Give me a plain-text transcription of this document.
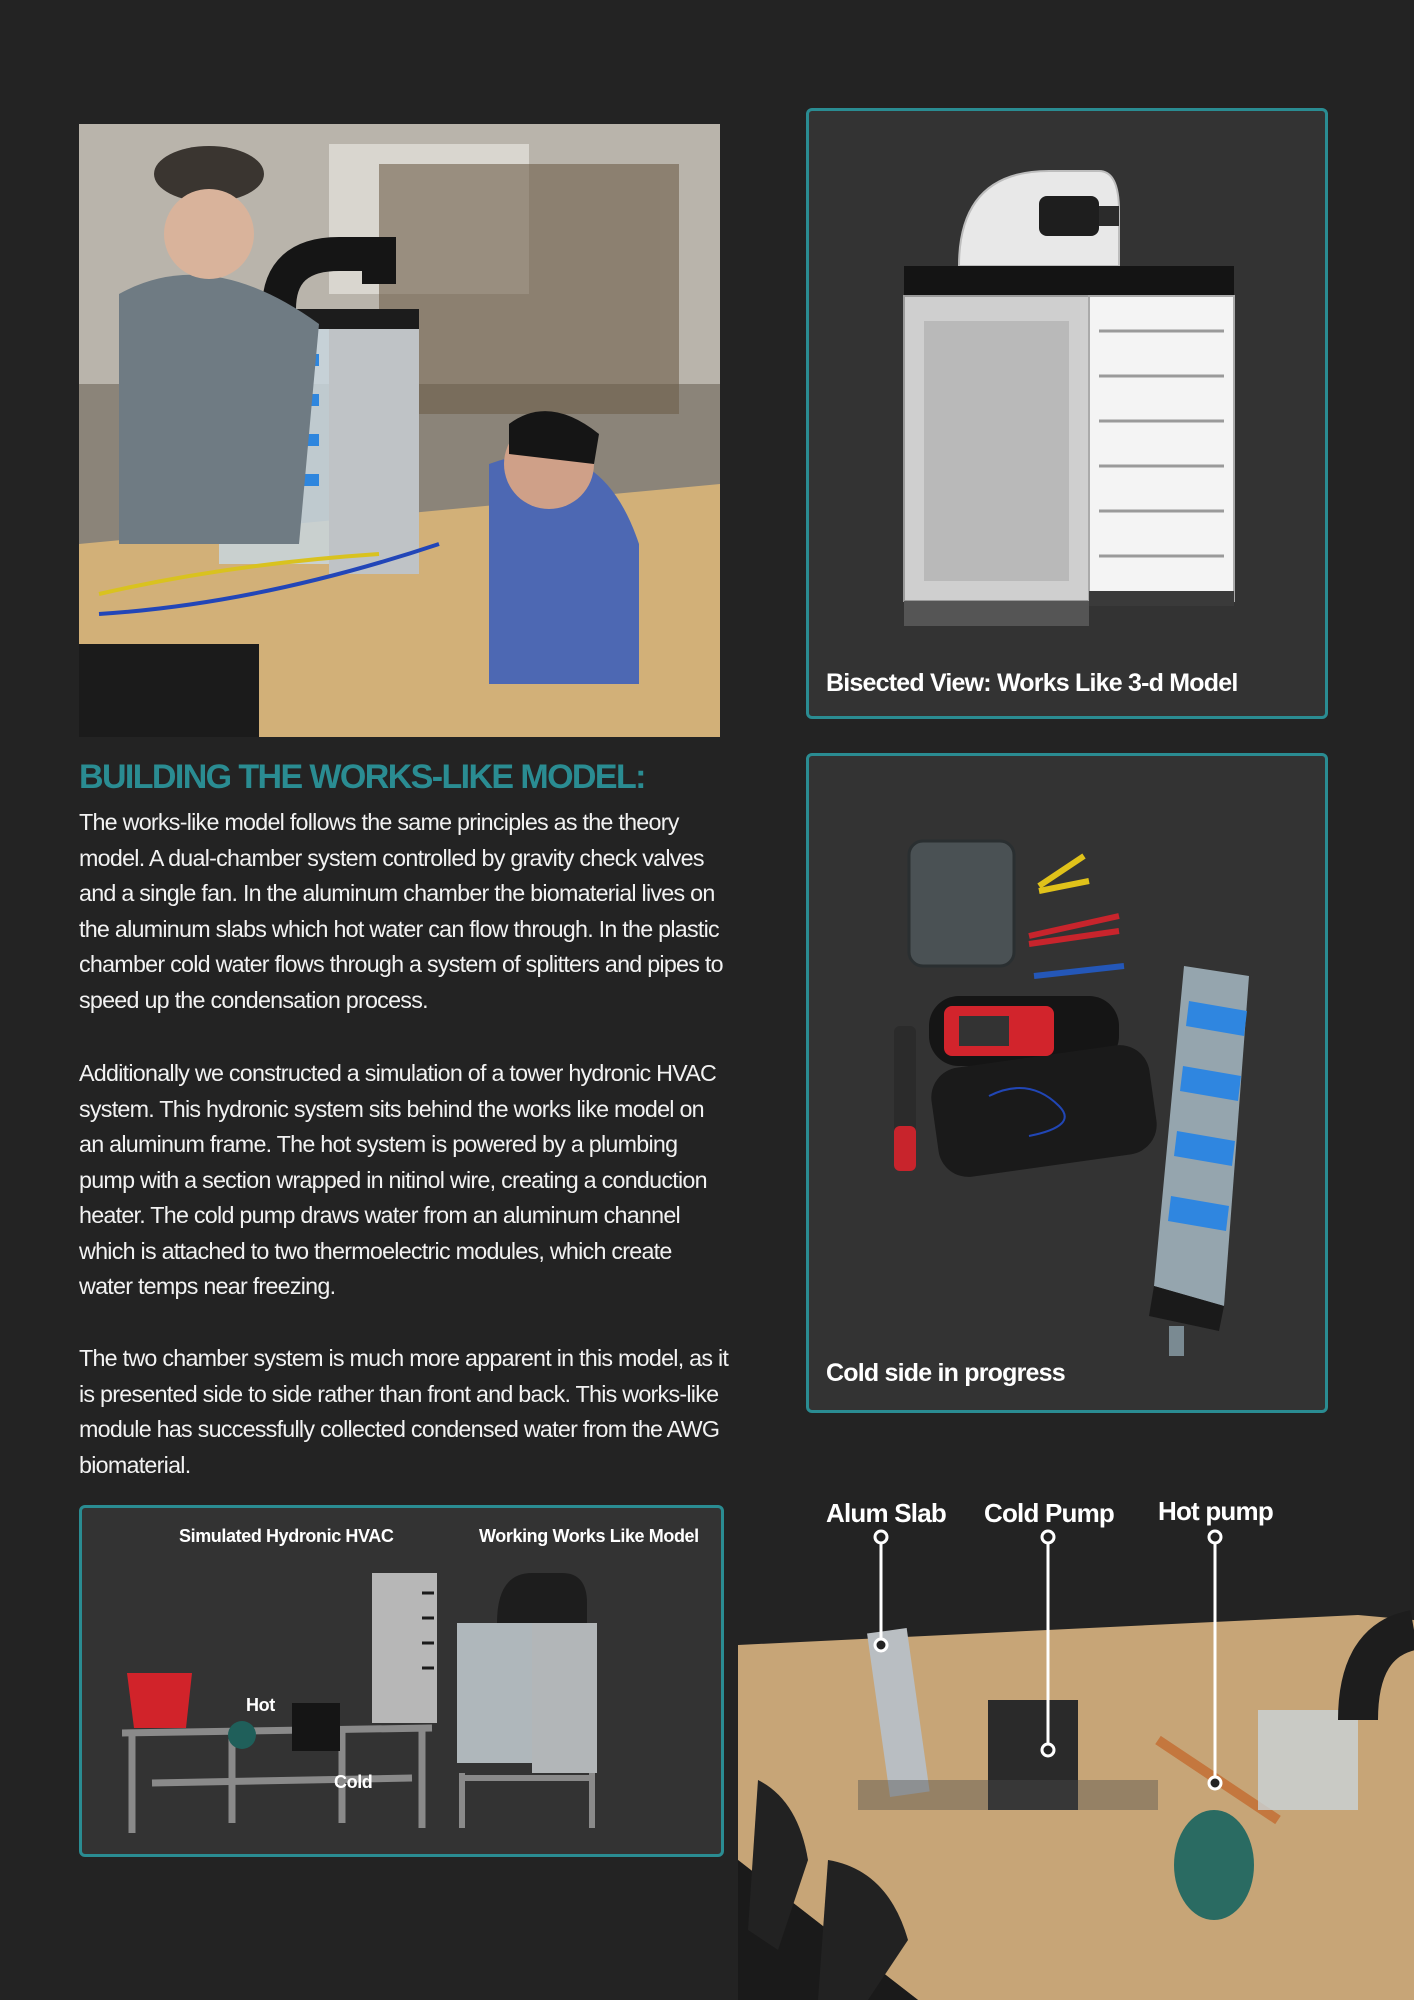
Bisected View: Works Like 3-d Model
BUILDING THE WORKS-LIKE MODEL:

The works-like model follows the same principles as the theory model. A dual-chamber system controlled by gravity check valves and a single fan. In the aluminum chamber the biomaterial lives on the aluminum slabs which hot water can flow through. In the plastic chamber cold water flows through a system of splitters and pipes to speed up the condensation process.

Additionally we constructed a simulation of a tower hydronic HVAC system. This hydronic system sits behind the works like model on an aluminum frame. The hot system is powered by a plumbing pump with a section wrapped in nitinol wire, creating a conduction heater. The cold pump draws water from an aluminum channel which is attached to two thermoelectric modules, which create water temps near freezing.

The two chamber system is much more apparent in this model, as it is presented side to side rather than front and back. This works-like module has successfully collected condensed water from the AWG biomaterial.

Cold side in progress
Simulated Hydronic HVAC	Working Works Like Model
Hot
Cold
Alum Slab Cold Pump Hot pump
